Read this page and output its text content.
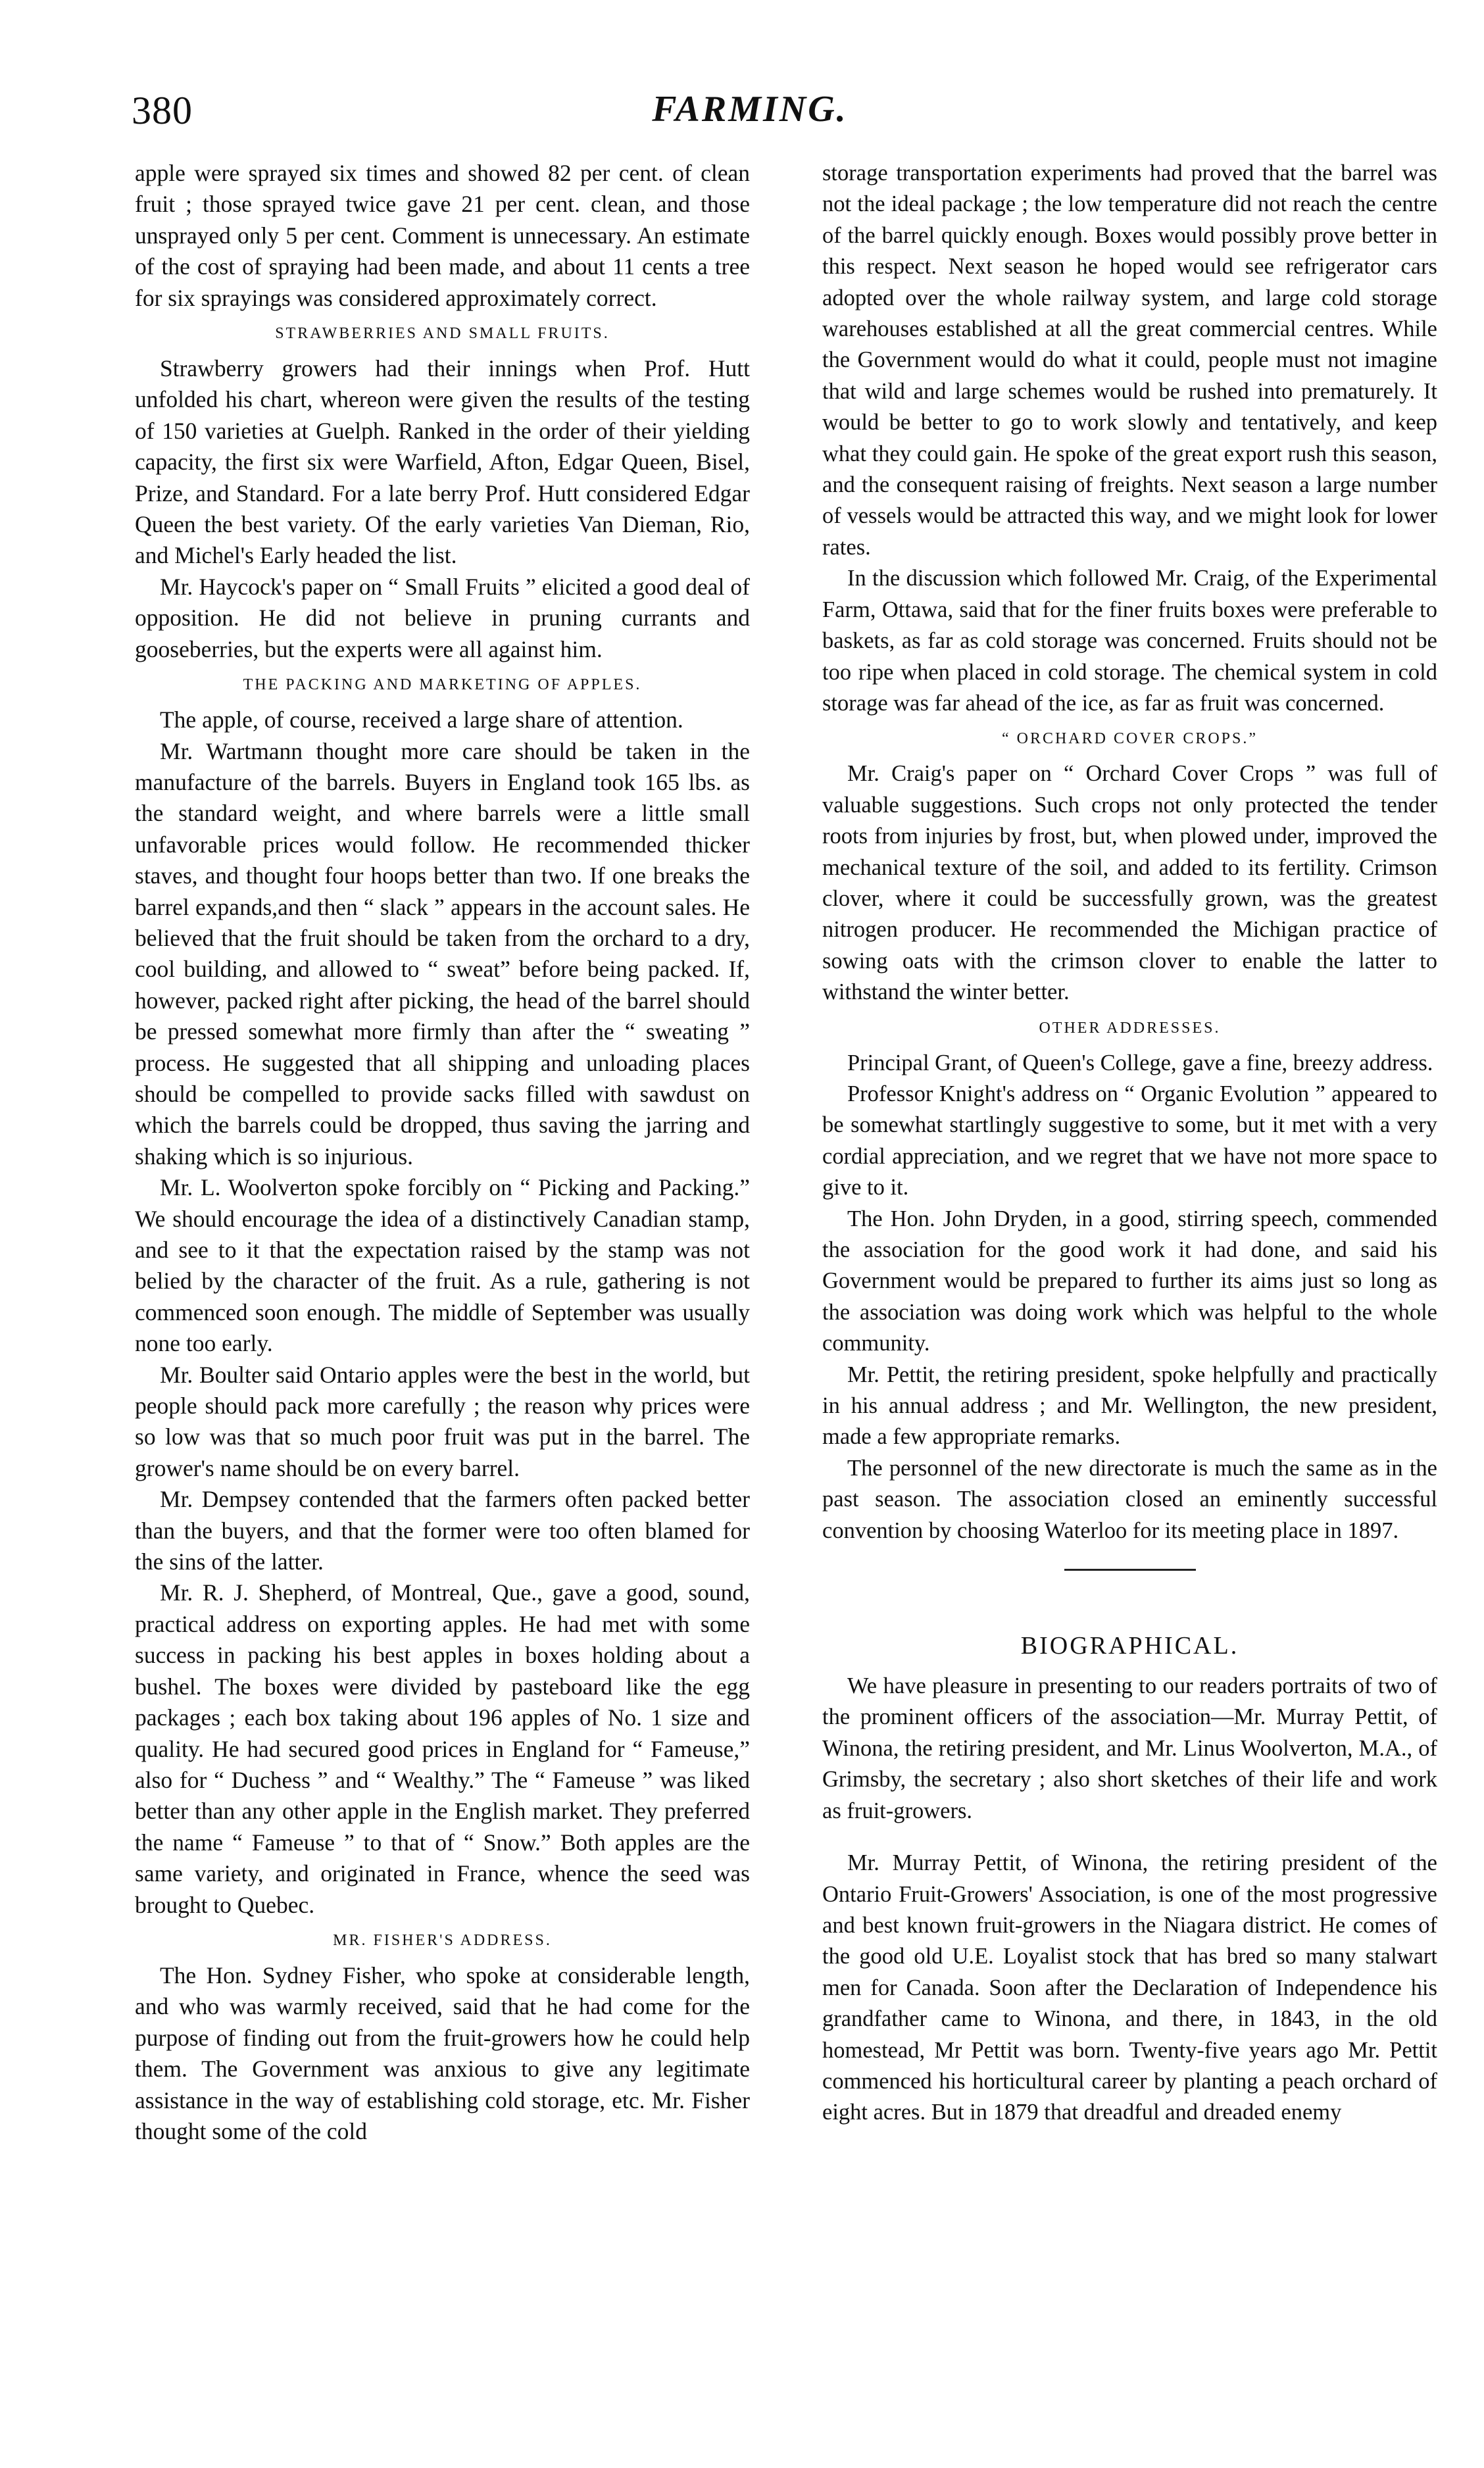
380	FARMING.

apple were sprayed six times and showed 82 per cent. of clean fruit ; those sprayed twice gave 21 per cent. clean, and those unsprayed only 5 per cent. Comment is unnecessary. An estimate of the cost of spraying had been made, and about 11 cents a tree for six sprayings was considered approximately correct.

STRAWBERRIES AND SMALL FRUITS.

Strawberry growers had their innings when Prof. Hutt unfolded his chart, whereon were given the results of the testing of 150 varieties at Guelph. Ranked in the order of their yielding capacity, the first six were Warfield, Afton, Edgar Queen, Bisel, Prize, and Standard. For a late berry Prof. Hutt considered Edgar Queen the best variety. Of the early varieties Van Dieman, Rio, and Michel's Early headed the list.

Mr. Haycock's paper on “ Small Fruits ” elicited a good deal of opposition. He did not believe in pruning currants and gooseberries, but the experts were all against him.

THE PACKING AND MARKETING OF APPLES.

The apple, of course, received a large share of attention.

Mr. Wartmann thought more care should be taken in the manufacture of the barrels. Buyers in England took 165 lbs. as the standard weight, and where barrels were a little small unfavorable prices would follow. He recommended thicker staves, and thought four hoops better than two. If one breaks the barrel expands,and then “ slack ” appears in the account sales. He believed that the fruit should be taken from the orchard to a dry, cool building, and allowed to “ sweat” before being packed. If, however, packed right after picking, the head of the barrel should be pressed somewhat more firmly than after the “ sweating ” process. He suggested that all shipping and unloading places should be compelled to provide sacks filled with sawdust on which the barrels could be dropped, thus saving the jarring and shaking which is so injurious.

Mr. L. Woolverton spoke forcibly on “ Picking and Packing.” We should encourage the idea of a distinctively Canadian stamp, and see to it that the expectation raised by the stamp was not belied by the character of the fruit. As a rule, gathering is not commenced soon enough. The middle of September was usually none too early.

Mr. Boulter said Ontario apples were the best in the world, but people should pack more carefully ; the reason why prices were so low was that so much poor fruit was put in the barrel. The grower's name should be on every barrel.

Mr. Dempsey contended that the farmers often packed better than the buyers, and that the former were too often blamed for the sins of the latter.

Mr. R. J. Shepherd, of Montreal, Que., gave a good, sound, practical address on exporting apples. He had met with some success in packing his best apples in boxes holding about a bushel. The boxes were divided by pasteboard like the egg packages ; each box taking about 196 apples of No. 1 size and quality. He had secured good prices in England for “ Fameuse,” also for “ Duchess ” and “ Wealthy.” The “ Fameuse ” was liked better than any other apple in the English market. They preferred the name “ Fameuse ” to that of “ Snow.” Both apples are the same variety, and originated in France, whence the seed was brought to Quebec.

MR. FISHER'S ADDRESS.

The Hon. Sydney Fisher, who spoke at considerable length, and who was warmly received, said that he had come for the purpose of finding out from the fruit-growers how he could help them. The Government was anxious to give any legitimate assistance in the way of establishing cold storage, etc. Mr. Fisher thought some of the cold

storage transportation experiments had proved that the barrel was not the ideal package ; the low temperature did not reach the centre of the barrel quickly enough. Boxes would possibly prove better in this respect. Next season he hoped would see refrigerator cars adopted over the whole railway system, and large cold storage warehouses established at all the great commercial centres. While the Government would do what it could, people must not imagine that wild and large schemes would be rushed into prematurely. It would be better to go to work slowly and tentatively, and keep what they could gain. He spoke of the great export rush this season, and the consequent raising of freights. Next season a large number of vessels would be attracted this way, and we might look for lower rates.

In the discussion which followed Mr. Craig, of the Experimental Farm, Ottawa, said that for the finer fruits boxes were preferable to baskets, as far as cold storage was concerned. Fruits should not be too ripe when placed in cold storage. The chemical system in cold storage was far ahead of the ice, as far as fruit was concerned.

“ ORCHARD COVER CROPS.”

Mr. Craig's paper on “ Orchard Cover Crops ” was full of valuable suggestions. Such crops not only protected the tender roots from injuries by frost, but, when plowed under, improved the mechanical texture of the soil, and added to its fertility. Crimson clover, where it could be successfully grown, was the greatest nitrogen producer. He recommended the Michigan practice of sowing oats with the crimson clover to enable the latter to withstand the winter better.

OTHER ADDRESSES.

Principal Grant, of Queen's College, gave a fine, breezy address.

Professor Knight's address on “ Organic Evolution ” appeared to be somewhat startlingly suggestive to some, but it met with a very cordial appreciation, and we regret that we have not more space to give to it.

The Hon. John Dryden, in a good, stirring speech, commended the association for the good work it had done, and said his Government would be prepared to further its aims just so long as the association was doing work which was helpful to the whole community.

Mr. Pettit, the retiring president, spoke helpfully and practically in his annual address ; and Mr. Wellington, the new president, made a few appropriate remarks.

The personnel of the new directorate is much the same as in the past season. The association closed an eminently successful convention by choosing Waterloo for its meeting place in 1897.

BIOGRAPHICAL.

We have pleasure in presenting to our readers portraits of two of the prominent officers of the association—Mr. Murray Pettit, of Winona, the retiring president, and Mr. Linus Woolverton, M.A., of Grimsby, the secretary ; also short sketches of their life and work as fruit-growers.

Mr. Murray Pettit, of Winona, the retiring president of the Ontario Fruit-Growers' Association, is one of the most progressive and best known fruit-growers in the Niagara district. He comes of the good old U.E. Loyalist stock that has bred so many stalwart men for Canada. Soon after the Declaration of Independence his grandfather came to Winona, and there, in 1843, in the old homestead, Mr Pettit was born. Twenty-five years ago Mr. Pettit commenced his horticultural career by planting a peach orchard of eight acres. But in 1879 that dreadful and dreaded enemy
